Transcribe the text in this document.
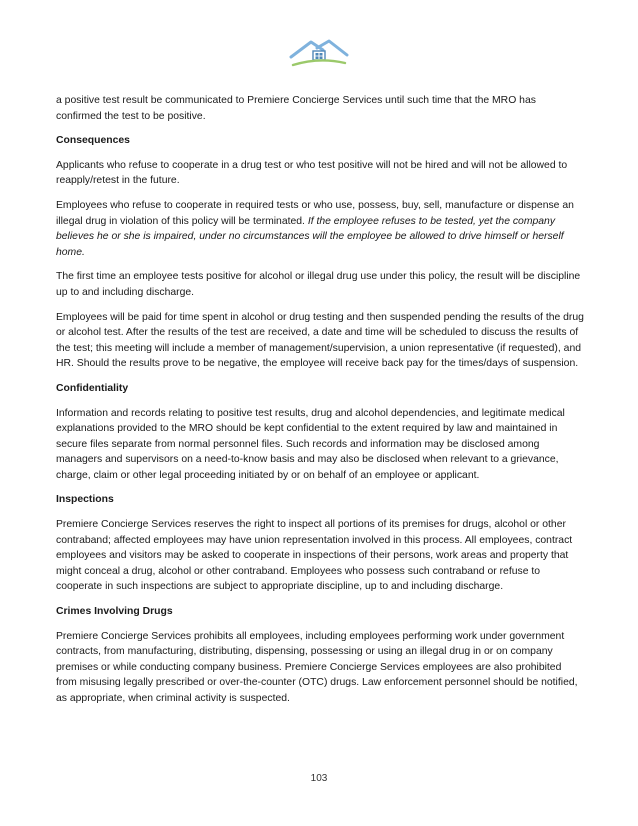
a positive test result be communicated to Premiere Concierge Services until such time that the MRO has confirmed the test to be positive.

Consequences

Applicants who refuse to cooperate in a drug test or who test positive will not be hired and will not be allowed to reapply/retest in the future.

Employees who refuse to cooperate in required tests or who use, possess, buy, sell, manufacture or dispense an illegal drug in violation of this policy will be terminated. If the employee refuses to be tested, yet the company believes he or she is impaired, under no circumstances will the employee be allowed to drive himself or herself home.

The first time an employee tests positive for alcohol or illegal drug use under this policy, the result will be discipline up to and including discharge.

Employees will be paid for time spent in alcohol or drug testing and then suspended pending the results of the drug or alcohol test. After the results of the test are received, a date and time will be scheduled to discuss the results of the test; this meeting will include a member of management/supervision, a union representative (if requested), and HR. Should the results prove to be negative, the employee will receive back pay for the times/days of suspension.

Confidentiality

Information and records relating to positive test results, drug and alcohol dependencies, and legitimate medical explanations provided to the MRO should be kept confidential to the extent required by law and maintained in secure files separate from normal personnel files. Such records and information may be disclosed among managers and supervisors on a need-to-know basis and may also be disclosed when relevant to a grievance, charge, claim or other legal proceeding initiated by or on behalf of an employee or applicant.

Inspections

Premiere Concierge Services reserves the right to inspect all portions of its premises for drugs, alcohol or other contraband; affected employees may have union representation involved in this process. All employees, contract employees and visitors may be asked to cooperate in inspections of their persons, work areas and property that might conceal a drug, alcohol or other contraband. Employees who possess such contraband or refuse to cooperate in such inspections are subject to appropriate discipline, up to and including discharge.

Crimes Involving Drugs

Premiere Concierge Services prohibits all employees, including employees performing work under government contracts, from manufacturing, distributing, dispensing, possessing or using an illegal drug in or on company premises or while conducting company business. Premiere Concierge Services employees are also prohibited from misusing legally prescribed or over-the-counter (OTC) drugs. Law enforcement personnel should be notified, as appropriate, when criminal activity is suspected.

103
